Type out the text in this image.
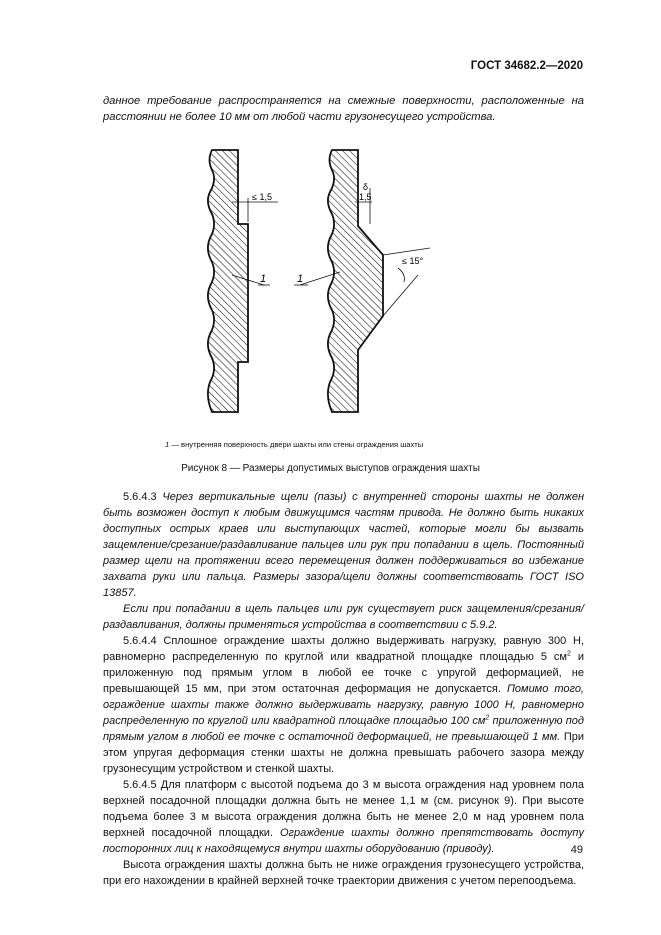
ГОСТ 34682.2—2020

данное требование распространяется на смежные поверхности, расположенные на расстоянии не более 10 мм от любой части грузонесущего устройства.

≤ 1,5
1
δ
1,5
≤ 15°
1
1 — внутренняя поверхность двери шахты или стены ограждения шахты
Рисунок 8 — Размеры допустимых выступов ограждения шахты

5.6.4.3 Через вертикальные щели (пазы) с внутренней стороны шахты не должен быть возможен доступ к любым движущимся частям привода. Не должно быть никаких доступных острых краев или выступающих частей, которые могли бы вызвать защемление/срезание/раздавливание пальцев или рук при попадании в щель. Постоянный размер щели на протяжении всего перемещения должен поддерживаться во избежание захвата руки или пальца. Размеры зазора/щели должны соответствовать ГОСТ ISO 13857.

Если при попадании в щель пальцев или рук существует риск защемления/срезания/раздавливания, должны применяться устройства в соответствии с 5.9.2.

5.6.4.4 Сплошное ограждение шахты должно выдерживать нагрузку, равную 300 Н, равномерно распределенную по круглой или квадратной площадке площадью 5 $см^2$ и приложенную под прямым углом в любой ее точке с упругой деформацией, не превышающей 15 мм, при этом остаточная деформация не допускается. Помимо того, ограждение шахты также должно выдерживать нагрузку, равную 1000 Н, равномерно распределенную по круглой или квадратной площадке площадью 100 $см^2$ приложенную под прямым углом в любой ее точке с остаточной деформацией, не превышающей 1 мм. При этом упругая деформация стенки шахты не должна превышать рабочего зазора между грузонесущим устройством и стенкой шахты.

5.6.4.5 Для платформ с высотой подъема до 3 м высота ограждения над уровнем пола верхней посадочной площадки должна быть не менее 1,1 м (см. рисунок 9). При высоте подъема более 3 м высота ограждения должна быть не менее 2,0 м над уровнем пола верхней посадочной площадки. Ограждение шахты должно препятствовать доступу посторонних лиц к находящемуся внутри шахты оборудованию (приводу).

Высота ограждения шахты должна быть не ниже ограждения грузонесущего устройства, при его нахождении в крайней верхней точке траектории движения с учетом перепоодъема.

49
